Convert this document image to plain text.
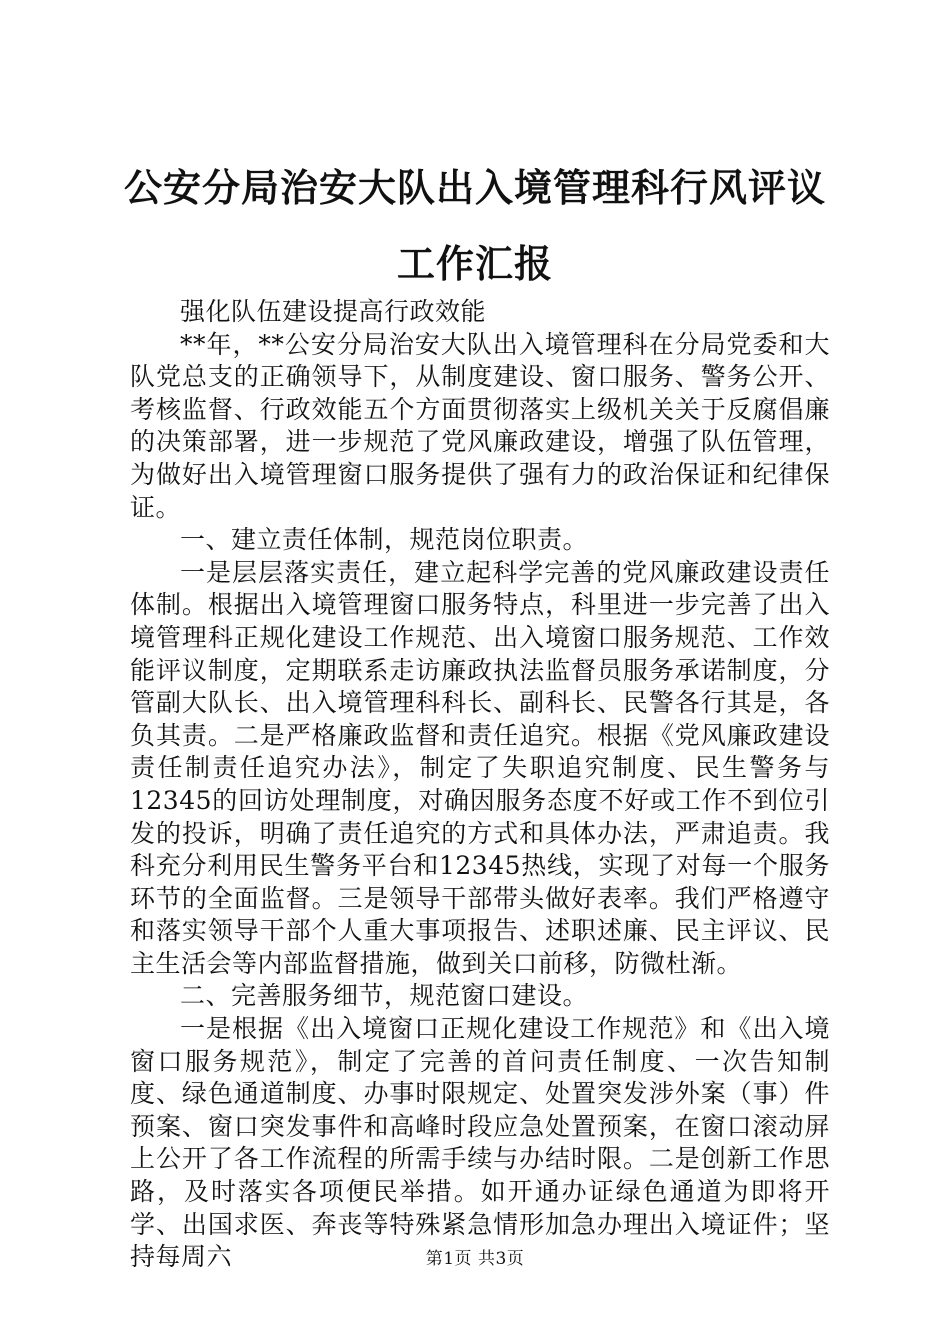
公安分局治安大队出入境管理科行风评议工作汇报

强化队伍建设提高行政效能

**年，**公安分局治安大队出入境管理科在分局党委和大队党总支的正确领导下，从制度建设、窗口服务、警务公开、考核监督、行政效能五个方面贯彻落实上级机关关于反腐倡廉的决策部署，进一步规范了党风廉政建设，增强了队伍管理，为做好出入境管理窗口服务提供了强有力的政治保证和纪律保证。

一、建立责任体制，规范岗位职责。

一是层层落实责任，建立起科学完善的党风廉政建设责任体制。根据出入境管理窗口服务特点，科里进一步完善了出入境管理科正规化建设工作规范、出入境窗口服务规范、工作效能评议制度，定期联系走访廉政执法监督员服务承诺制度，分管副大队长、出入境管理科科长、副科长、民警各行其是，各负其责。二是严格廉政监督和责任追究。根据《党风廉政建设责任制责任追究办法》，制定了失职追究制度、民生警务与12345的回访处理制度，对确因服务态度不好或工作不到位引发的投诉，明确了责任追究的方式和具体办法，严肃追责。我科充分利用民生警务平台和12345热线，实现了对每一个服务环节的全面监督。三是领导干部带头做好表率。我们严格遵守和落实领导干部个人重大事项报告、述职述廉、民主评议、民主生活会等内部监督措施，做到关口前移，防微杜渐。

二、完善服务细节，规范窗口建设。

一是根据《出入境窗口正规化建设工作规范》和《出入境窗口服务规范》，制定了完善的首问责任制度、一次告知制度、绿色通道制度、办事时限规定、处置突发涉外案（事）件预案、窗口突发事件和高峰时段应急处置预案，在窗口滚动屏上公开了各工作流程的所需手续与办结时限。二是创新工作思路，及时落实各项便民举措。如开通办证绿色通道为即将开学、出国求医、奔丧等特殊紧急情形加急办理出入境证件；坚持每周六	第1页 共3页
